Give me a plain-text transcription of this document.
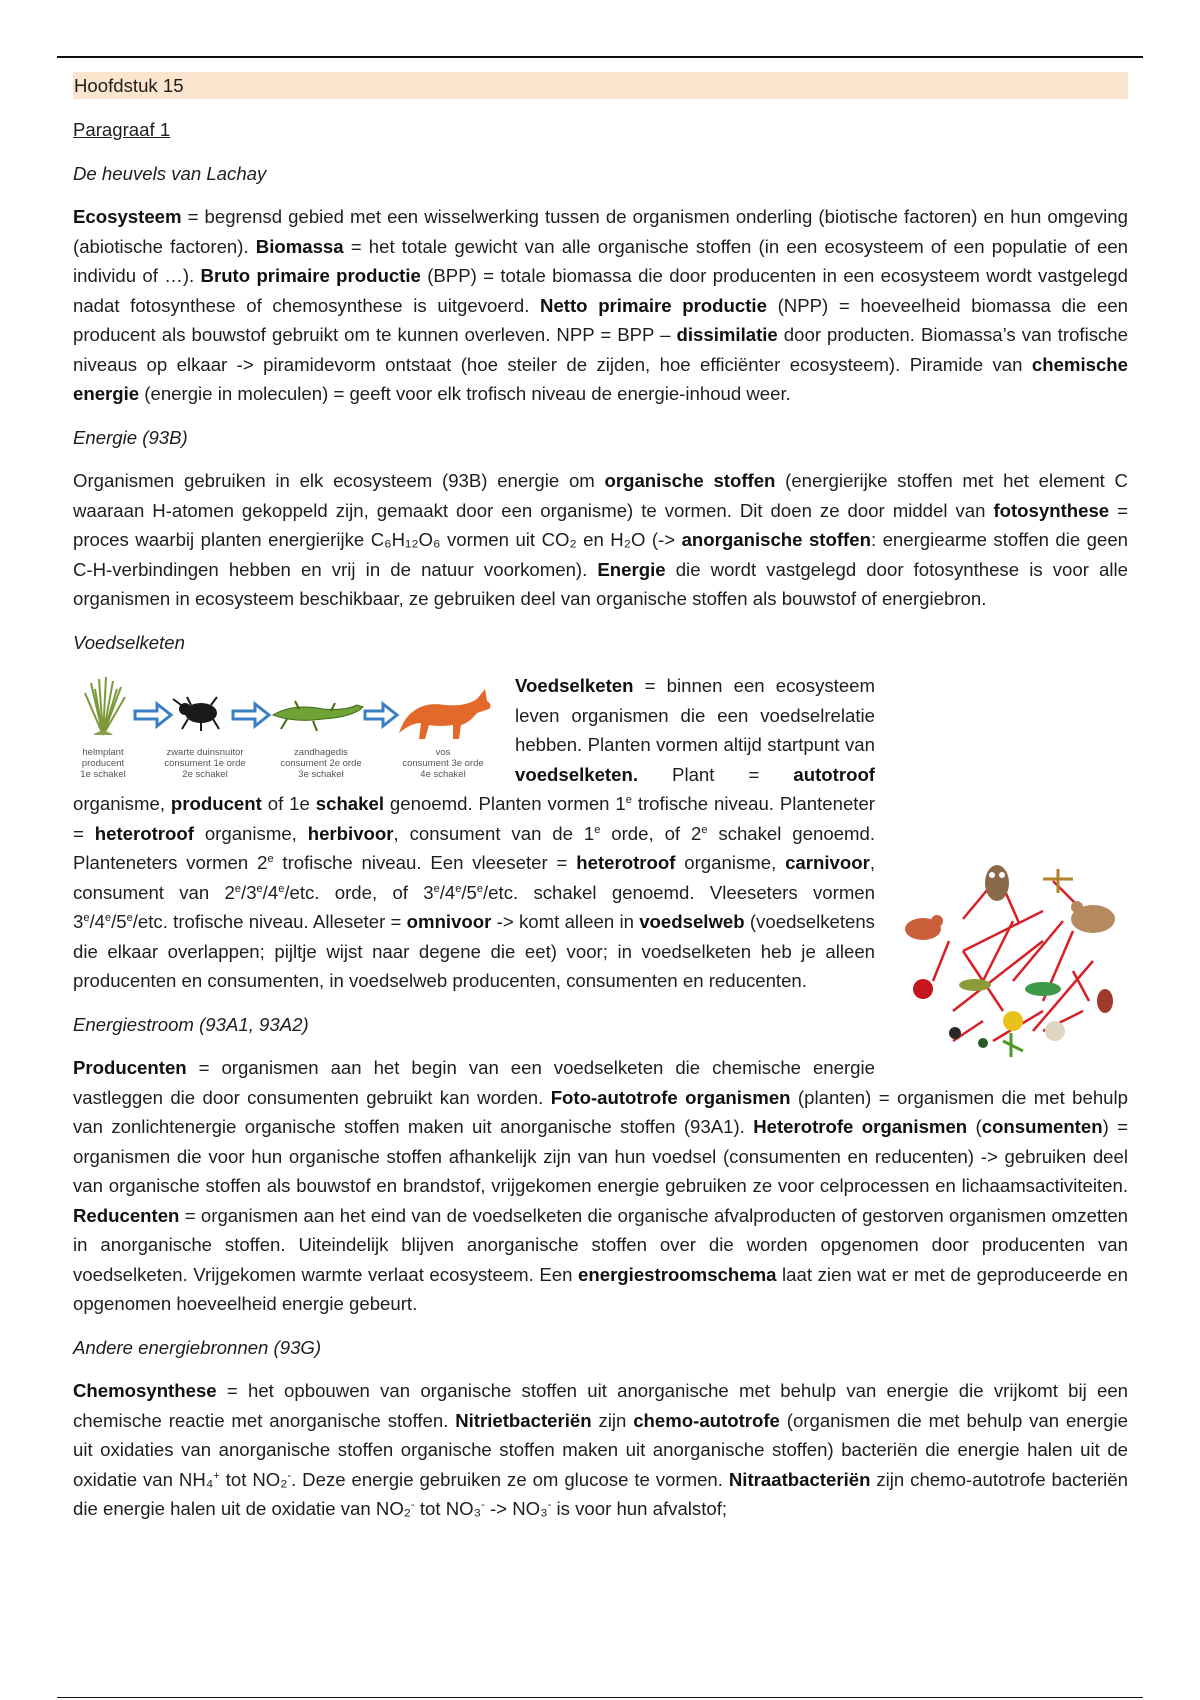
Hoofdstuk 15
Paragraaf 1
De heuvels van Lachay

Ecosysteem = begrensd gebied met een wisselwerking tussen de organismen onderling (biotische factoren) en hun omgeving (abiotische factoren). Biomassa = het totale gewicht van alle organische stoffen (in een ecosysteem of een populatie of een individu of …). Bruto primaire productie (BPP) = totale biomassa die door producenten in een ecosysteem wordt vastgelegd nadat fotosynthese of chemosynthese is uitgevoerd. Netto primaire productie (NPP) = hoeveelheid biomassa die een producent als bouwstof gebruikt om te kunnen overleven. NPP = BPP – dissimilatie door producten. Biomassa’s van trofische niveaus op elkaar -> piramidevorm ontstaat (hoe steiler de zijden, hoe efficiënter ecosysteem). Piramide van chemische energie (energie in moleculen) = geeft voor elk trofisch niveau de energie-inhoud weer.

Energie (93B)

Organismen gebruiken in elk ecosysteem (93B) energie om organische stoffen (energierijke stoffen met het element C waaraan H-atomen gekoppeld zijn, gemaakt door een organisme) te vormen. Dit doen ze door middel van fotosynthese = proces waarbij planten energierijke C₆H₁₂O₆ vormen uit CO₂ en H₂O (-> anorganische stoffen: energiearme stoffen die geen C-H-verbindingen hebben en vrij in de natuur voorkomen). Energie die wordt vastgelegd door fotosynthese is voor alle organismen in ecosysteem beschikbaar, ze gebruiken deel van organische stoffen als bouwstof of energiebron.

Voedselketen
helmplant
producent
1e schakel
zwarte duinsnuitor
consument 1e orde
2e schakel
zandhagedis
consument 2e orde
3e schakel
vos
consument 3e orde
4e schakel

Voedselketen = binnen een ecosysteem leven organismen die een voedselrelatie hebben. Planten vormen altijd startpunt van voedselketen. Plant = autotroof organisme, producent of 1e schakel genoemd. Planten vormen 1e trofische niveau. Planteneter = heterotroof organisme, herbivoor, consument van de 1e orde, of 2e schakel genoemd. Planteneters vormen 2e trofische niveau. Een vleeseter = heterotroof organisme, carnivoor, consument van 2e/3e/4e/etc. orde, of 3e/4e/5e/etc. schakel genoemd. Vleeseters vormen 3e/4e/5e/etc. trofische niveau. Alleseter = omnivoor -> komt alleen in voedselweb (voedselketens die elkaar overlappen; pijltje wijst naar degene die eet) voor; in voedselketen heb je alleen producenten en consumenten, in voedselweb producenten, consumenten en reducenten.

Energiestroom (93A1, 93A2)

Producenten = organismen aan het begin van een voedselketen die chemische energie vastleggen die door consumenten gebruikt kan worden. Foto-autotrofe organismen (planten) = organismen die met behulp van zonlichtenergie organische stoffen maken uit anorganische stoffen (93A1). Heterotrofe organismen (consumenten) = organismen die voor hun organische stoffen afhankelijk zijn van hun voedsel (consumenten en reducenten) -> gebruiken deel van organische stoffen als bouwstof en brandstof, vrijgekomen energie gebruiken ze voor celprocessen en lichaamsactiviteiten. Reducenten = organismen aan het eind van de voedselketen die organische afvalproducten of gestorven organismen omzetten in anorganische stoffen. Uiteindelijk blijven anorganische stoffen over die worden opgenomen door producenten van voedselketen. Vrijgekomen warmte verlaat ecosysteem. Een energiestroomschema laat zien wat er met de geproduceerde en opgenomen hoeveelheid energie gebeurt.

Andere energiebronnen (93G)

Chemosynthese = het opbouwen van organische stoffen uit anorganische met behulp van energie die vrijkomt bij een chemische reactie met anorganische stoffen. Nitrietbacteriën zijn chemo-autotrofe (organismen die met behulp van energie uit oxidaties van anorganische stoffen organische stoffen maken uit anorganische stoffen) bacteriën die energie halen uit de oxidatie van NH₄+ tot NO₂-. Deze energie gebruiken ze om glucose te vormen. Nitraatbacteriën zijn chemo-autotrofe bacteriën die energie halen uit de oxidatie van NO₂- tot NO₃- -> NO₃- is voor hun afvalstof;
